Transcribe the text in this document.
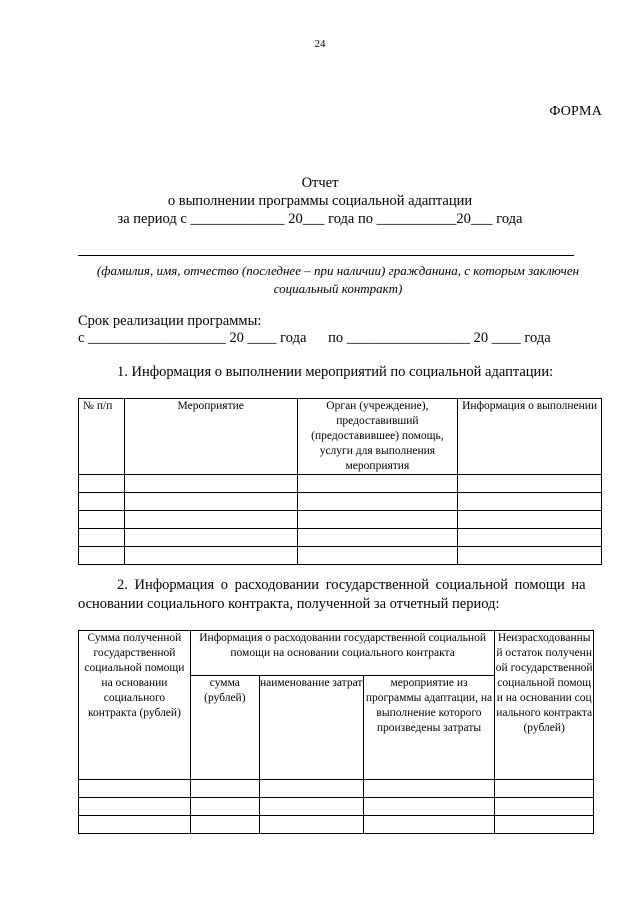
24
ФОРМА
Отчет
о выполнении программы социальной адаптации
за период с _____________ 20___ года по ___________20___ года
(фамилия, имя, отчество (последнее – при наличии) гражданина, с которым заключен социальный контракт)
Срок реализации программы:
с ___________________ 20 ____ года      по _________________ 20 ____ года
1. Информация о выполнении мероприятий по социальной адаптации:
№ п/п	Мероприятие	Орган (учреждение), предоставивший (предоставившее) помощь, услуги для выполнения мероприятия	Информация о выполнении

2. Информация о расходовании государственной социальной помощи на
основании социального контракта, полученной за отчетный период:
Сумма полученной государственной социальной помощи на основании социального контракта (рублей)	Информация о расходовании государственной социальной помощи на основании социального контракта			Неизрасходованный остаток полученной государственной социальной помощи на основании социального контракта (рублей)
	сумма (рублей)	наименование затрат	мероприятие из программы адаптации, на выполнение которого произведены затраты	
